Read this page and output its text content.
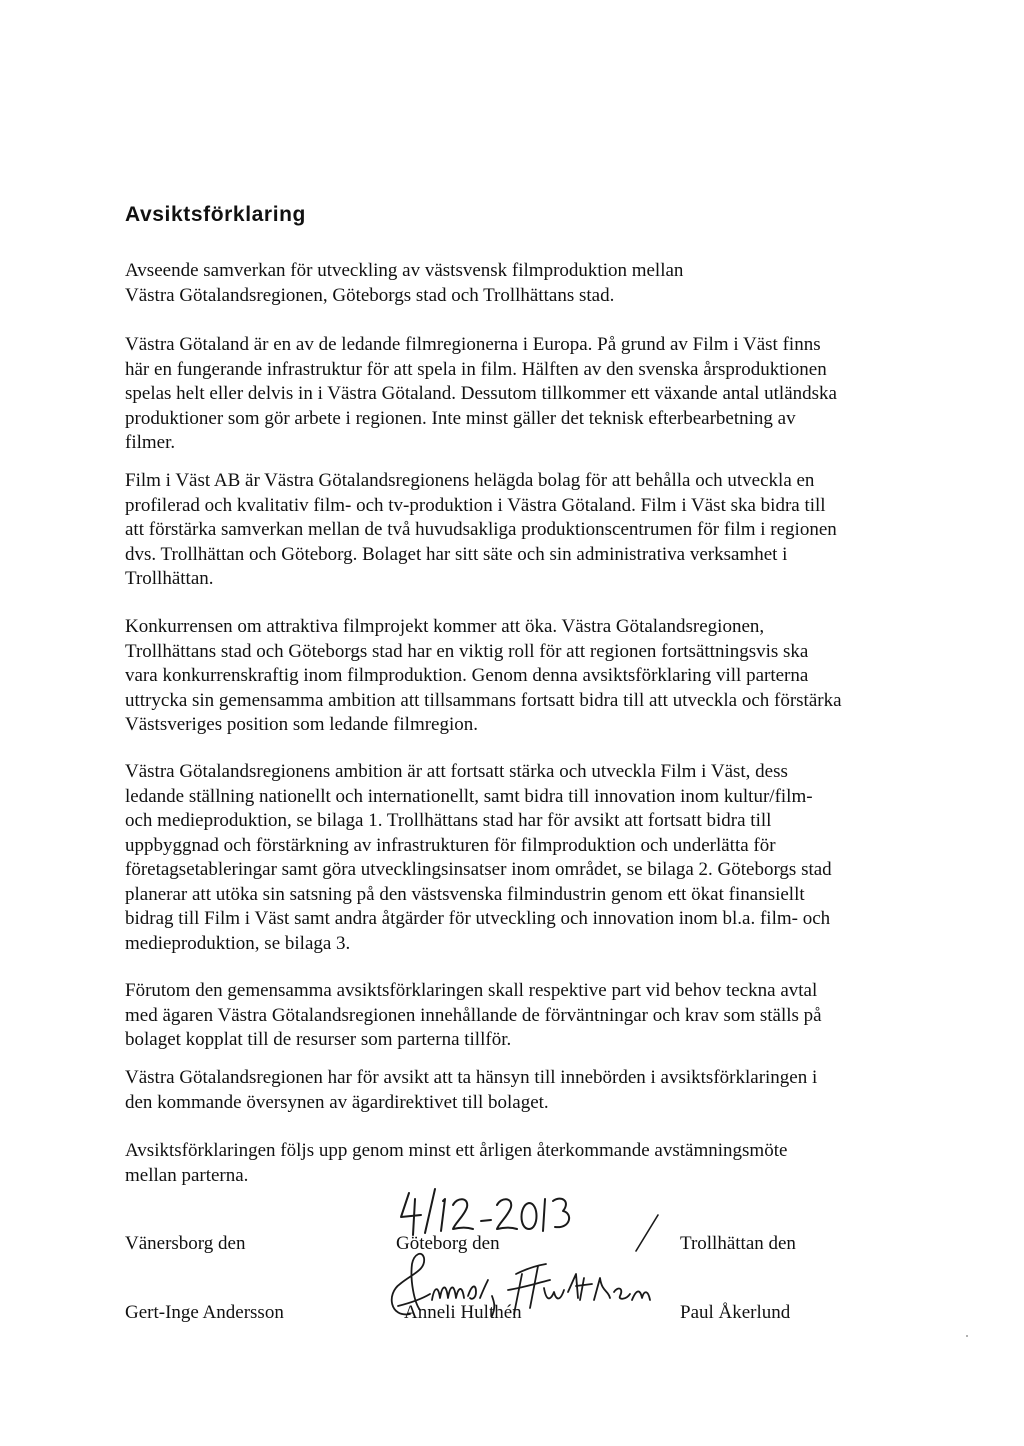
Avsiktsförklaring
Avseende samverkan för utveckling av västsvensk filmproduktion mellan
Västra Götalandsregionen, Göteborgs stad och Trollhättans stad.
Västra Götaland är en av de ledande filmregionerna i Europa. På grund av Film i Väst finns
här en fungerande infrastruktur för att spela in film. Hälften av den svenska årsproduktionen
spelas helt eller delvis in i Västra Götaland. Dessutom tillkommer ett växande antal utländska
produktioner som gör arbete i regionen. Inte minst gäller det teknisk efterbearbetning av
filmer.
Film i Väst AB är Västra Götalandsregionens helägda bolag för att behålla och utveckla en
profilerad och kvalitativ film- och tv-produktion i Västra Götaland. Film i Väst ska bidra till
att förstärka samverkan mellan de två huvudsakliga produktionscentrumen för film i regionen
dvs. Trollhättan och Göteborg. Bolaget har sitt säte och sin administrativa verksamhet i
Trollhättan.
Konkurrensen om attraktiva filmprojekt kommer att öka. Västra Götalandsregionen,
Trollhättans stad och Göteborgs stad har en viktig roll för att regionen fortsättningsvis ska
vara konkurrenskraftig inom filmproduktion. Genom denna avsiktsförklaring vill parterna
uttrycka sin gemensamma ambition att tillsammans fortsatt bidra till att utveckla och förstärka
Västsveriges position som ledande filmregion.
Västra Götalandsregionens ambition är att fortsatt stärka och utveckla Film i Väst, dess
ledande ställning nationellt och internationellt, samt bidra till innovation inom kultur/film-
och medieproduktion, se bilaga 1. Trollhättans stad har för avsikt att fortsatt bidra till
uppbyggnad och förstärkning av infrastrukturen för filmproduktion och underlätta för
företagsetableringar samt göra utvecklingsinsatser inom området, se bilaga 2. Göteborgs stad
planerar att utöka sin satsning på den västsvenska filmindustrin genom ett ökat finansiellt
bidrag till Film i Väst samt andra åtgärder för utveckling och innovation inom bl.a. film- och
medieproduktion, se bilaga 3.
Förutom den gemensamma avsiktsförklaringen skall respektive part vid behov teckna avtal
med ägaren Västra Götalandsregionen innehållande de förväntningar och krav som ställs på
bolaget kopplat till de resurser som parterna tillför.
Västra Götalandsregionen har för avsikt att ta hänsyn till innebörden i avsiktsförklaringen i
den kommande översynen av ägardirektivet till bolaget.
Avsiktsförklaringen följs upp genom minst ett årligen återkommande avstämningsmöte
mellan parterna.
Vänersborg den	Göteborg den	Trollhättan den
Gert-Inge Andersson	Anneli Hulthén	Paul Åkerlund
